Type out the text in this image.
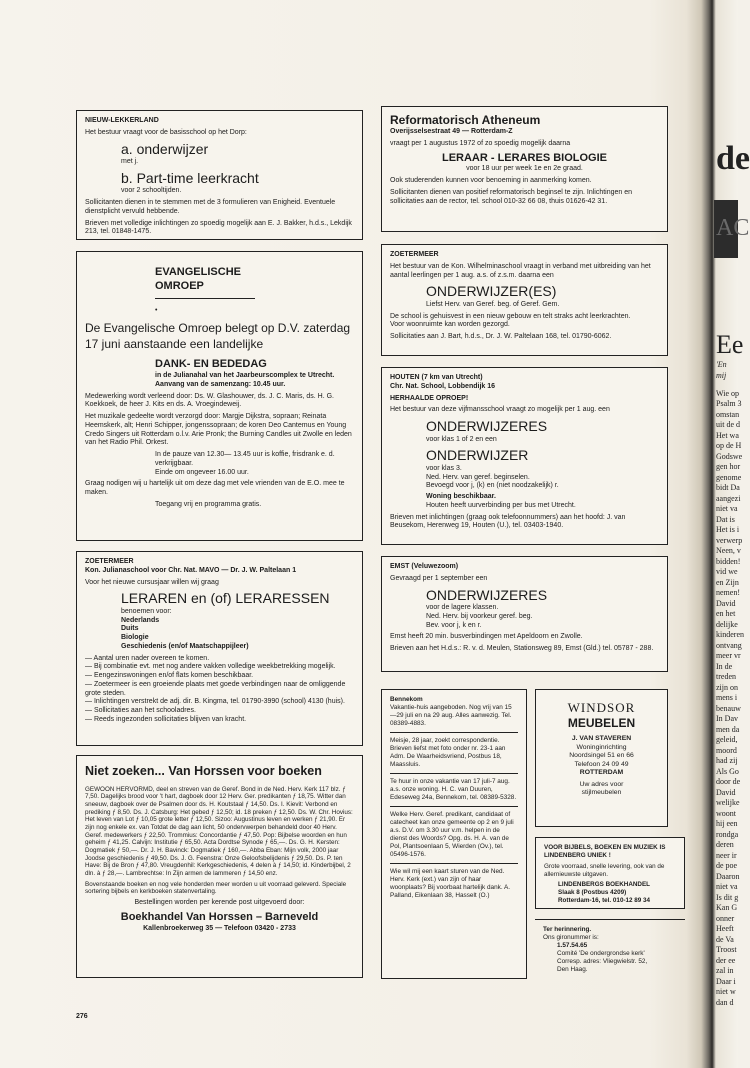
NIEUW-LEKKERLAND

Het bestuur vraagt voor de basisschool op het Dorp:

a. onderwijzer

met j.

b. Part-time leerkracht

voor 2 schooltijden.

Sollicitanten dienen in te stemmen met de 3 formulieren van Enigheid. Eventuele dienstplicht vervuld hebbende.

Brieven met volledige inlichtingen zo spoedig mogelijk aan E. J. Bakker, h.d.s., Lekdijk 213, tel. 01848-1475.

EVANGELISCHE

OMROEP

•

De Evangelische Omroep belegt op D.V. zaterdag 17 juni aanstaande een landelijke

DANK- EN BEDEDAG

in de Julianahal van het Jaarbeurscomplex te Utrecht.

Aanvang van de samenzang: 10.45 uur.

Medewerking wordt verleend door: Ds. W. Glashouwer, ds. J. C. Maris, ds. H. G. Koekkoek, de heer J. Kits en ds. A. Vroegindeweij.

Het muzikale gedeelte wordt verzorgd door: Margje Dijkstra, sopraan; Reinata Heemskerk, alt; Henri Schipper, jongenssopraan; de koren Deo Cantemus en Young Credo Singers uit Rotterdam o.l.v. Arie Pronk; the Burning Candles uit Zwolle en leden van het Radio Phil. Orkest.

In de pauze van 12.30— 13.45 uur is koffie, frisdrank e. d. verkrijgbaar.

Einde om ongeveer 16.00 uur.

Graag nodigen wij u hartelijk uit om deze dag met vele vrienden van de E.O. mee te maken.

Toegang vrij en programma gratis.

ZOETERMEER

Kon. Julianaschool voor Chr. Nat. MAVO — Dr. J. W. Paltelaan 1

Voor het nieuwe cursusjaar willen wij graag

LERAREN en (of) LERARESSEN

benoemen voor:

Nederlands
Duits
Biologie
Geschiedenis (en/of Maatschappijleer)
— Aantal uren nader overeen te komen.
— Bij combinatie evt. met nog andere vakken volledige weekbetrekking mogelijk.
— Eengezinswoningen en/of flats komen beschikbaar.
— Zoetermeer is een groeiende plaats met goede verbindingen naar de omliggende grote steden.
— Inlichtingen verstrekt de adj. dir. B. Kingma, tel. 01790-3990 (school) 4130 (huis).
— Sollicitaties aan het schooladres.
— Reeds ingezonden sollicitaties blijven van kracht.

Niet zoeken... Van Horssen voor boeken

GEWOON HERVORMD, deel en streven van de Geref. Bond in de Ned. Herv. Kerk 117 blz. ƒ 7,50. Dagelijks brood voor 't hart, dagboek door 12 Herv. Ger. predikanten ƒ 18,75. Witter dan sneeuw, dagboek over de Psalmen door ds. H. Koutstaal ƒ 14,50. Ds. I. Kievit: Verbond en prediking ƒ 8,50. Ds. J. Catsburg: Het gebed ƒ 12,50; id. 18 preken ƒ 12,50. Ds. W. Chr. Hovius: Het leven van Lot ƒ 10,05 grote letter ƒ 12,50. Sizoo: Augustinus leven en werken ƒ 21,90. Er zijn nog enkele ex. van Totdat de dag aan licht, 50 ondervwerpen behandeld door 40 Herv. Geref. medewerkers ƒ 22,50. Trommius: Concordantie ƒ 47,50. Pop: Bijbelse woorden en hun geheim ƒ 41,25. Calvijn: Institutie ƒ 65,50. Acta Dordtse Synode ƒ 65,—. Ds. G. H. Kersten: Dogmatiek ƒ 50,—. Dr. J. H. Bavinck: Dogmatiek ƒ 160,—. Abba Eban: Mijn volk, 2000 jaar Joodse geschiedenis ƒ 49,50. Ds. J. G. Feenstra: Onze Geloofsbelijdenis ƒ 29,50. Ds. P. ten Have: Bij de Bron ƒ 47,80. Vreugdenhil: Kerkgeschiedenis, 4 delen à ƒ 14,50; id. Kinderbijbel, 2 dln. à ƒ 28,—. Lambrechtse: In Zijn armen de lammeren ƒ 14,50 enz.

Bovenstaande boeken en nog vele honderden meer worden u uit voorraad geleverd. Speciale sortering bijbels en kerkboeken statenvertaling.

Bestellingen worden per kerende post uitgevoerd door:

Boekhandel Van Horssen – Barneveld

Kallenbroekerweg 35 — Telefoon 03420 - 2733

Reformatorisch Atheneum

Overijsselsestraat 49 — Rotterdam-Z

vraagt per 1 augustus 1972 of zo spoedig mogelijk daarna

LERAAR - LERARES BIOLOGIE

voor 18 uur per week 1e en 2e graad.

Ook studerenden kunnen voor benoeming in aanmerking komen.

Sollicitanten dienen van positief reformatorisch beginsel te zijn. Inlichtingen en sollicitaties aan de rector, tel. school 010-32 66 08, thuis 01626-42 31.

ZOETERMEER

Het bestuur van de Kon. Wilhelminaschool vraagt in verband met uitbreiding van het aantal leerlingen per 1 aug. a.s. of z.s.m. daarna een

ONDERWIJZER(ES)

Liefst Herv. van Geref. beg. of Geref. Gem.

De school is gehuisvest in een nieuw gebouw en telt straks acht leerkrachten.

Voor woonruimte kan worden gezorgd.

Sollicitaties aan J. Bart, h.d.s., Dr. J. W. Paltelaan 168, tel. 01790-6062.

HOUTEN (7 km van Utrecht)

Chr. Nat. School, Lobbendijk 16

HERHAALDE OPROEP!

Het bestuur van deze vijfmansschool vraagt zo mogelijk per 1 aug. een

ONDERWIJZERES

voor klas 1 of 2 en een

ONDERWIJZER

voor klas 3.
Ned. Herv. van geref. beginselen.
Bevoegd voor j, (k) en (niet noodzakelijk) r.

Woning beschikbaar.

Houten heeft uurverbinding per bus met Utrecht.

Brieven met inlichtingen (graag ook telefoonnummers) aan het hoofd: J. van Beusekom, Herenweg 19, Houten (U.), tel. 03403-1940.

EMST (Veluwezoom)

Gevraagd per 1 september een

ONDERWIJZERES

voor de lagere klassen.
Ned. Herv. bij voorkeur geref. beg.
Bev. voor j, k en r.

Emst heeft 20 min. busverbindingen met Apeldoorn en Zwolle.

Brieven aan het H.d.s.: R. v. d. Meulen, Stationsweg 89, Emst (Gld.) tel. 05787 - 288.

Bennekom

Vakantie-huis aangeboden. Nog vrij van 15—29 juli en na 29 aug. Alles aanwezig. Tel. 08389-4883.

Meisje, 28 jaar, zoekt correspondentie. Brieven liefst met foto onder nr. 23-1 aan Adm. De Waarheidsvriend, Postbus 18, Maassluis.

Te huur in onze vakantie van 17 juli-7 aug. a.s. onze woning. H. C. van Duuren, Edeseweg 24a, Bennekom, tel. 08389-5328.

Welke Herv. Geref. predikant, candidaat of catecheet kan onze gemeente op 2 en 9 juli a.s. D.V. om 3.30 uur v.m. helpen in de dienst des Woords? Opg. ds. H. A. van de Pol, Plantsoenlaan 5, Wierden (Ov.), tel. 05496-1576.

Wie wil mij een kaart sturen van de Ned. Herv. Kerk (ext.) van zijn of haar woonplaats? Bij voorbaat hartelijk dank. A. Palland, Eikenlaan 38, Hasselt (O.)

WINDSOR

MEUBELEN

J. VAN STAVEREN
Woninginrichting
Noordsingel 51 en 66
Telefoon 24 09 49
ROTTERDAM
Uw adres voor
stijlmeubelen

VOOR BIJBELS, BOEKEN EN MUZIEK IS LINDENBERG UNIEK !

Grote voorraad, snelle levering, ook van de allernieuwste uitgaven.

LINDENBERGS BOEKHANDEL
Slaak 8 (Postbus 4209)
Rotterdam-16, tel. 010-12 89 34
Ter herinnering.
Ons gironummer is:
1.57.54.65
Comité 'De ondergrondse kerk'
Corresp. adres: Vliegwielstr. 52,
Den Haag.
276
de
AC
Ee
'En
mij
Wie op
Psalm 3
omstan
uit de d
Het wa
op de H
Godswe
gen hor
genome
bidt Da
aangezi
niet va
Dat is
Het is i
verwerp
Neen, v
bidden!
vid we
en Zijn
nemen!
David
en het
delijke
kinderen
ontvang
meer vr
In de
treden
zijn on
mens i
benauw
In Dav
men da
geleid,
moord
had zij
Als Go
door de
David
welijke
woont
hij een
rondga
deren
neer ir
de poe
Daaron
niet va
Is dit g
Kan G
onner
Heeft
de Va
Troost
der ee
zal in
Daar i
niet w
dan d
